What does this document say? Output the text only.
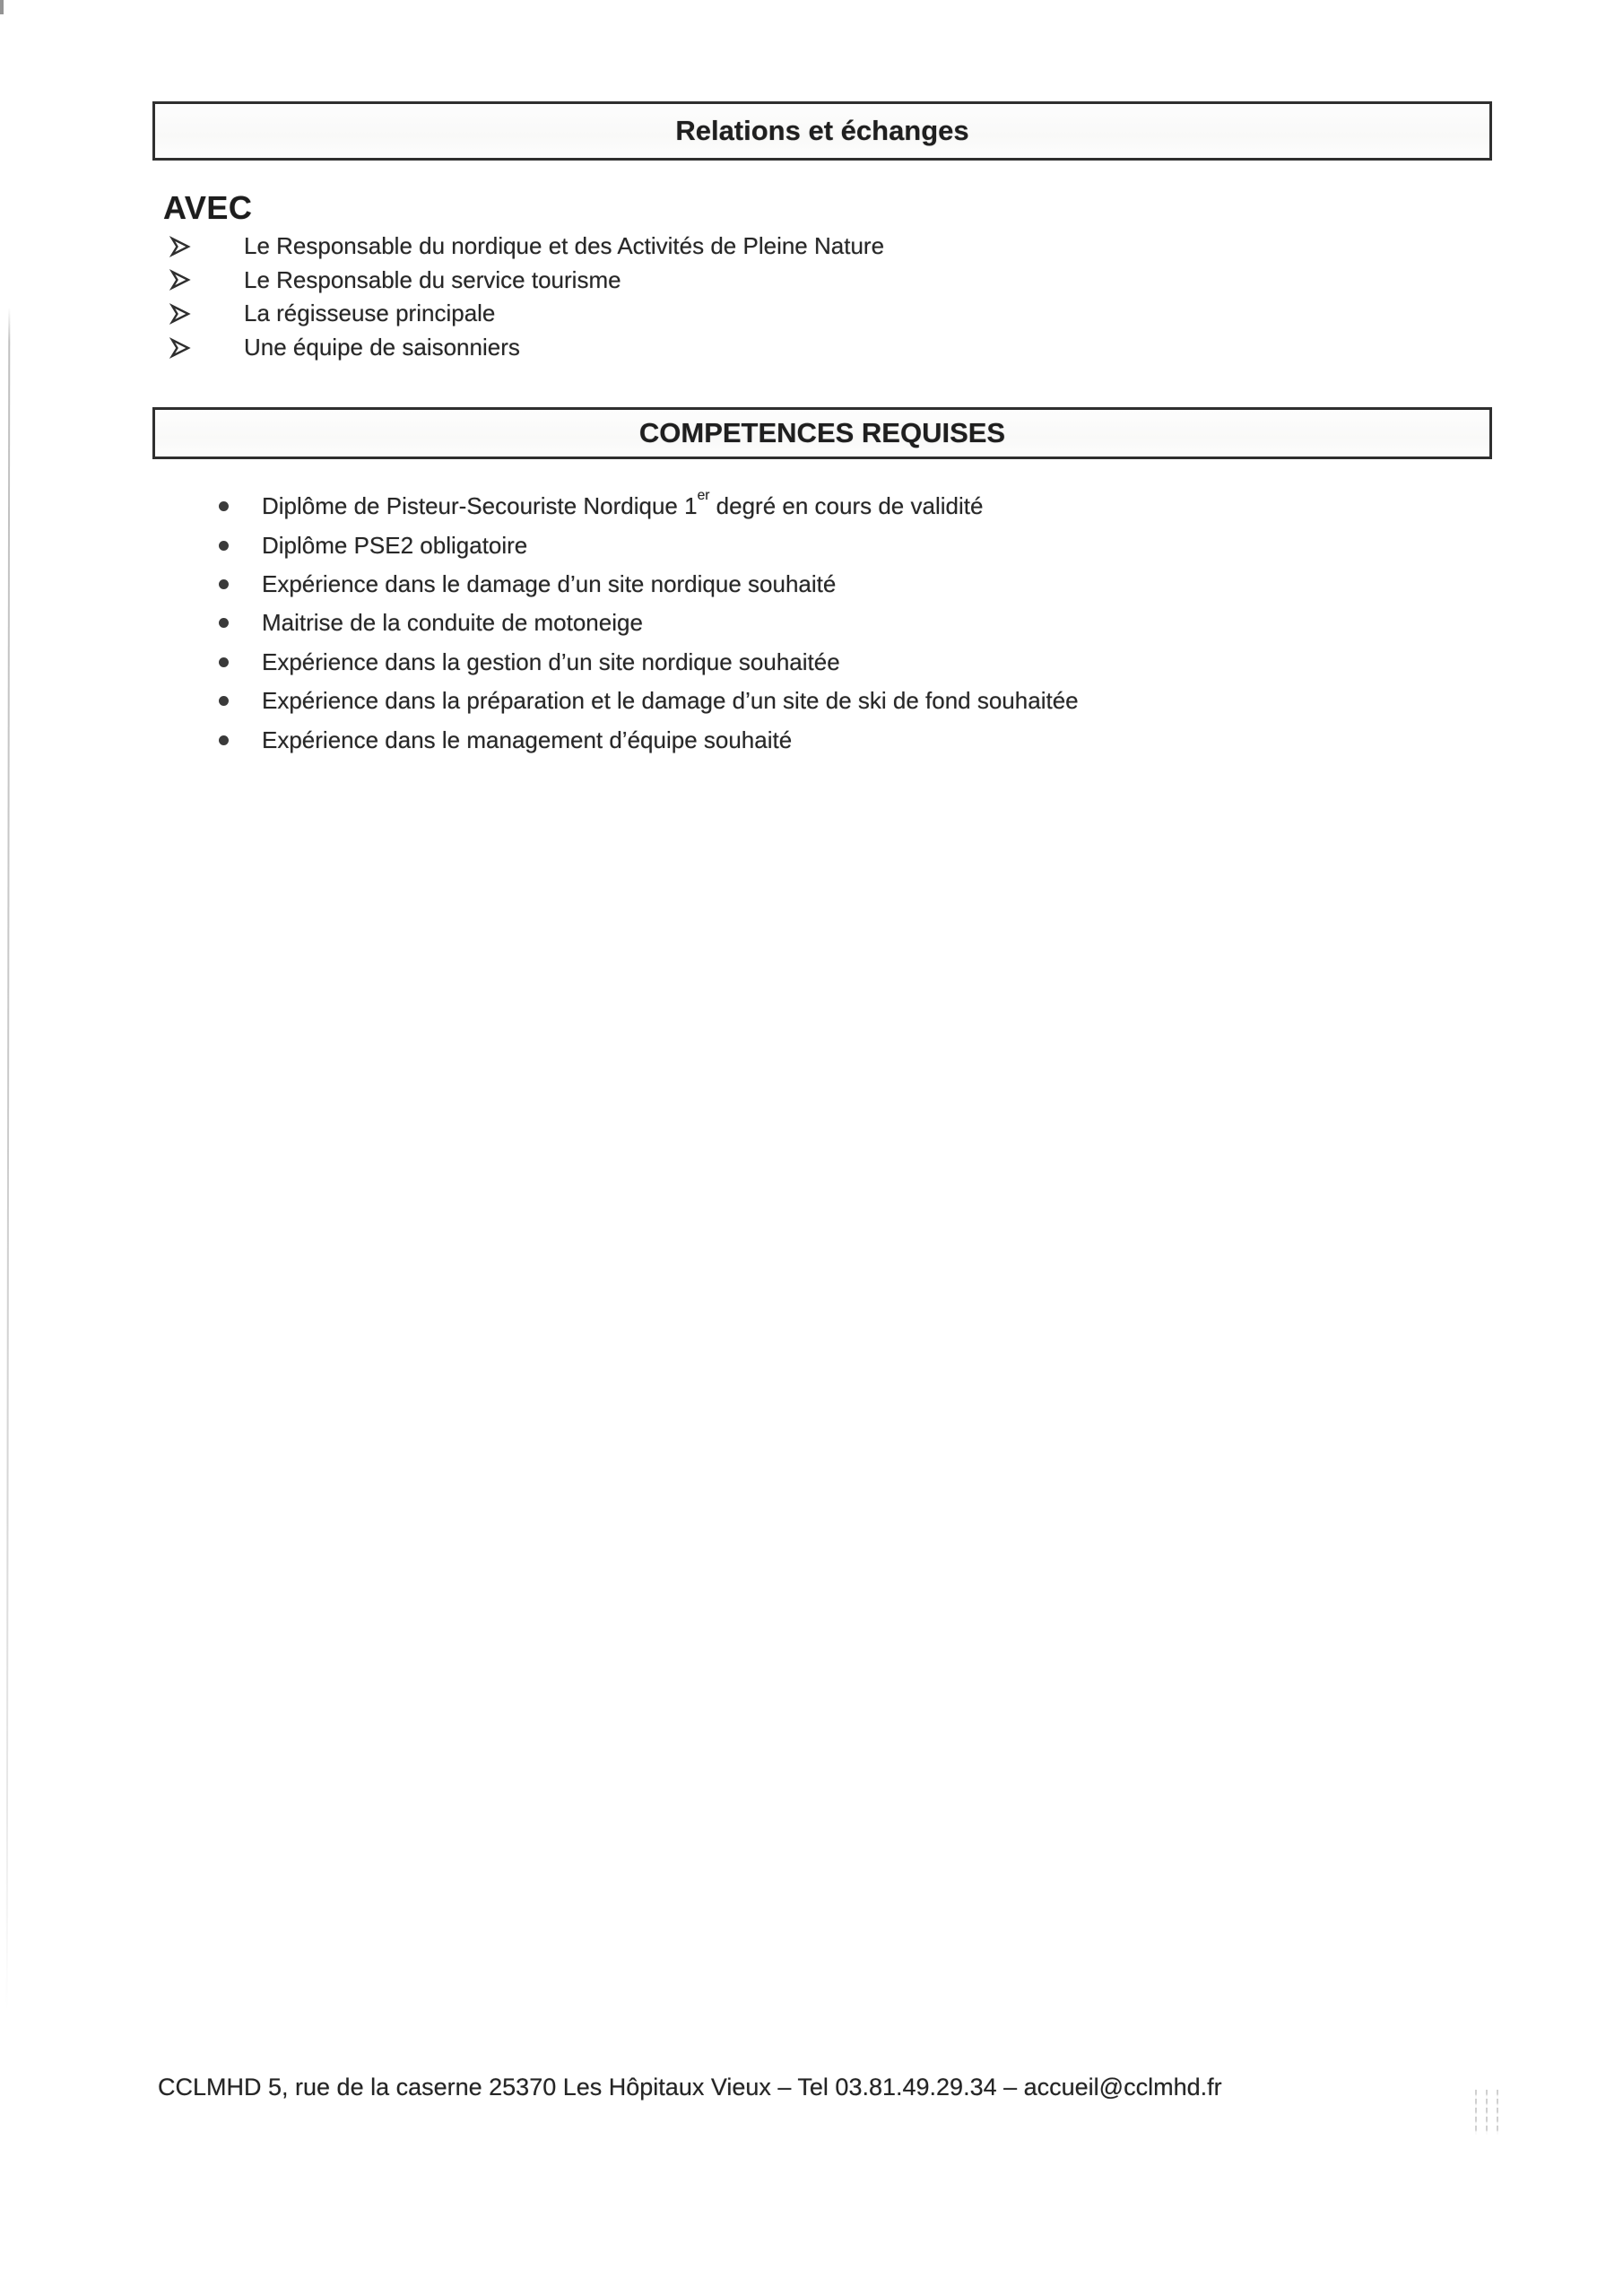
Relations et échanges
AVEC
Le Responsable du nordique et des Activités de Pleine Nature
Le Responsable du service tourisme
La régisseuse principale
Une équipe de saisonniers
COMPETENCES REQUISES
Diplôme de Pisteur-Secouriste Nordique 1er degré en cours de validité
Diplôme PSE2 obligatoire
Expérience dans le damage d’un site nordique souhaité
Maitrise de la conduite de motoneige
Expérience dans la gestion d’un site nordique souhaitée
Expérience dans la préparation et le damage d’un site de ski de fond souhaitée
Expérience dans le management d’équipe souhaité
CCLMHD 5, rue de la caserne 25370 Les Hôpitaux Vieux – Tel 03.81.49.29.34 – accueil@cclmhd.fr
